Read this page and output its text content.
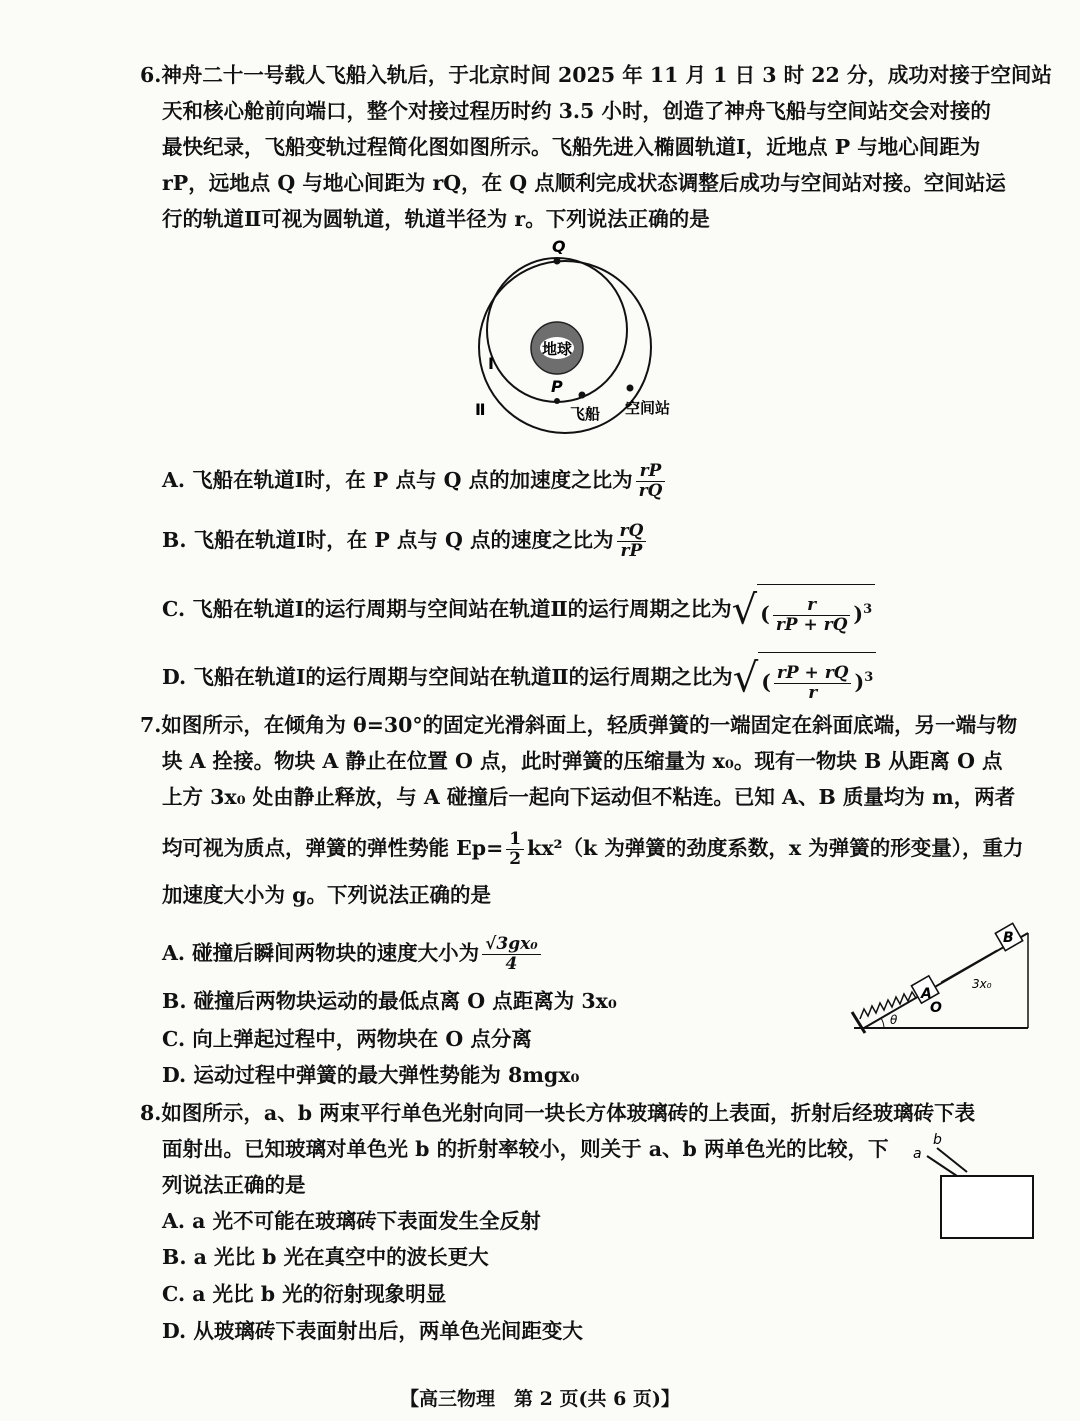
6.神舟二十一号载人飞船入轨后，于北京时间 2025 年 11 月 1 日 3 时 22 分，成功对接于空间站
天和核心舱前向端口，整个对接过程历时约 3.5 小时，创造了神舟飞船与空间站交会对接的
最快纪录，飞船变轨过程简化图如图所示。飞船先进入椭圆轨道Ⅰ，近地点 P 与地心间距为
rP，远地点 Q 与地心间距为 rQ，在 Q 点顺利完成状态调整后成功与空间站对接。空间站运
行的轨道Ⅱ可视为圆轨道，轨道半径为 r。下列说法正确的是
地球
Q
P
Ⅰ
Ⅱ	飞船 空间站
A. 飞船在轨道Ⅰ时，在 P 点与 Q 点的加速度之比为 $\frac{rP}{rQ}$
B. 飞船在轨道Ⅰ时，在 P 点与 Q 点的速度之比为 $\frac{rQ}{rP}$
C. 飞船在轨道Ⅰ的运行周期与空间站在轨道Ⅱ的运行周期之比为√ ( $\frac{r}{rP + rQ} )^3$
D. 飞船在轨道Ⅰ的运行周期与空间站在轨道Ⅱ的运行周期之比为√ ( $\frac{rP + rQ}{r} )^3$
7.如图所示，在倾角为 θ=30°的固定光滑斜面上，轻质弹簧的一端固定在斜面底端，另一端与物
块 A 拴接。物块 A 静止在位置 O 点，此时弹簧的压缩量为 x₀。现有一物块 B 从距离 O 点
上方 3x₀ 处由静止释放，与 A 碰撞后一起向下运动但不粘连。已知 A、B 质量均为 m，两者
均可视为质点，弹簧的弹性势能 $Ep= \frac{1}{2} kx^2(k$ 为弹簧的劲度系数，x 为弹簧的形变量），重力
加速度大小为 g。下列说法正确的是
A. 碰撞后瞬间两物块的速度大小为 $\frac{\text{√3gx₀}}{4}$
B. 碰撞后两物块运动的最低点离 O 点距离为 3x₀
C. 向上弹起过程中，两物块在 O 点分离
D. 运动过程中弹簧的最大弹性势能为 8mgx₀
A
B
O
3x₀
θ
8.如图所示，a、b 两束平行单色光射向同一块长方体玻璃砖的上表面，折射后经玻璃砖下表
面射出。已知玻璃对单色光 b 的折射率较小，则关于 a、b 两单色光的比较，下
列说法正确的是
A. a 光不可能在玻璃砖下表面发生全反射
B. a 光比 b 光在真空中的波长更大
C. a 光比 b 光的衍射现象明显
D. 从玻璃砖下表面射出后，两单色光间距变大
a
b
【高三物理　第 2 页(共 6 页)】
